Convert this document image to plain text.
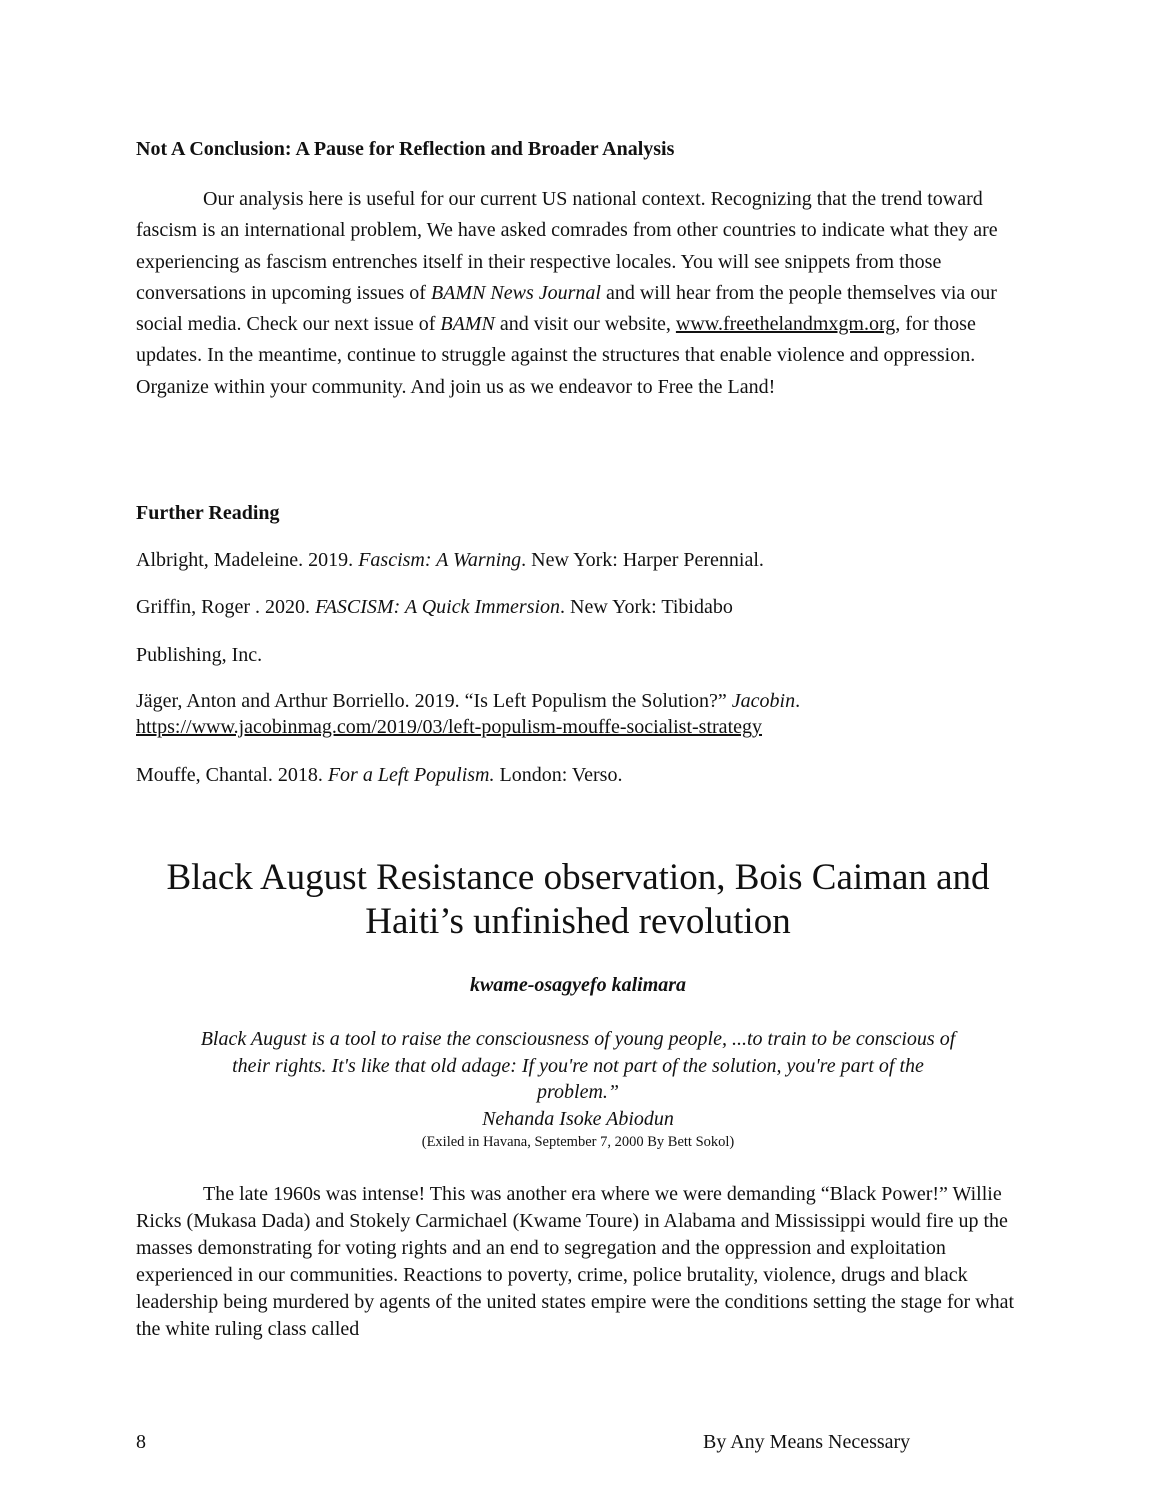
Not A Conclusion: A Pause for Reflection and Broader Analysis
Our analysis here is useful for our current US national context. Recognizing that the trend toward fascism is an international problem, We have asked comrades from other countries to indicate what they are experiencing as fascism entrenches itself in their respective locales. You will see snippets from those conversations in upcoming issues of BAMN News Journal and will hear from the people themselves via our social media. Check our next issue of BAMN and visit our website, www.freethelandmxgm.org, for those updates. In the meantime, continue to struggle against the structures that enable violence and oppression. Organize within your community. And join us as we endeavor to Free the Land!
Further Reading
Albright, Madeleine. 2019. Fascism: A Warning. New York: Harper Perennial.
Griffin, Roger . 2020. FASCISM: A Quick Immersion. New York: Tibidabo
Publishing, Inc.
Jäger, Anton and Arthur Borriello. 2019. “Is Left Populism the Solution?” Jacobin.
https://www.jacobinmag.com/2019/03/left-populism-mouffe-socialist-strategy
Mouffe, Chantal. 2018. For a Left Populism. London: Verso.
Black August Resistance observation, Bois Caiman and
Haiti’s unfinished revolution
kwame-osagyefo kalimara
Black August is a tool to raise the consciousness of young people, ...to train to be conscious of
their rights. It's like that old adage: If you're not part of the solution, you're part of the
problem.”
Nehanda Isoke Abiodun
(Exiled in Havana, September 7, 2000 By Bett Sokol)
The late 1960s was intense! This was another era where we were demanding “Black Power!” Willie Ricks (Mukasa Dada) and Stokely Carmichael (Kwame Toure) in Alabama and Mississippi would fire up the masses demonstrating for voting rights and an end to segregation and the oppression and exploitation experienced in our communities. Reactions to poverty, crime, police brutality, violence, drugs and black leadership being murdered by agents of the united states empire were the conditions setting the stage for what the white ruling class called
8	By Any Means Necessary
